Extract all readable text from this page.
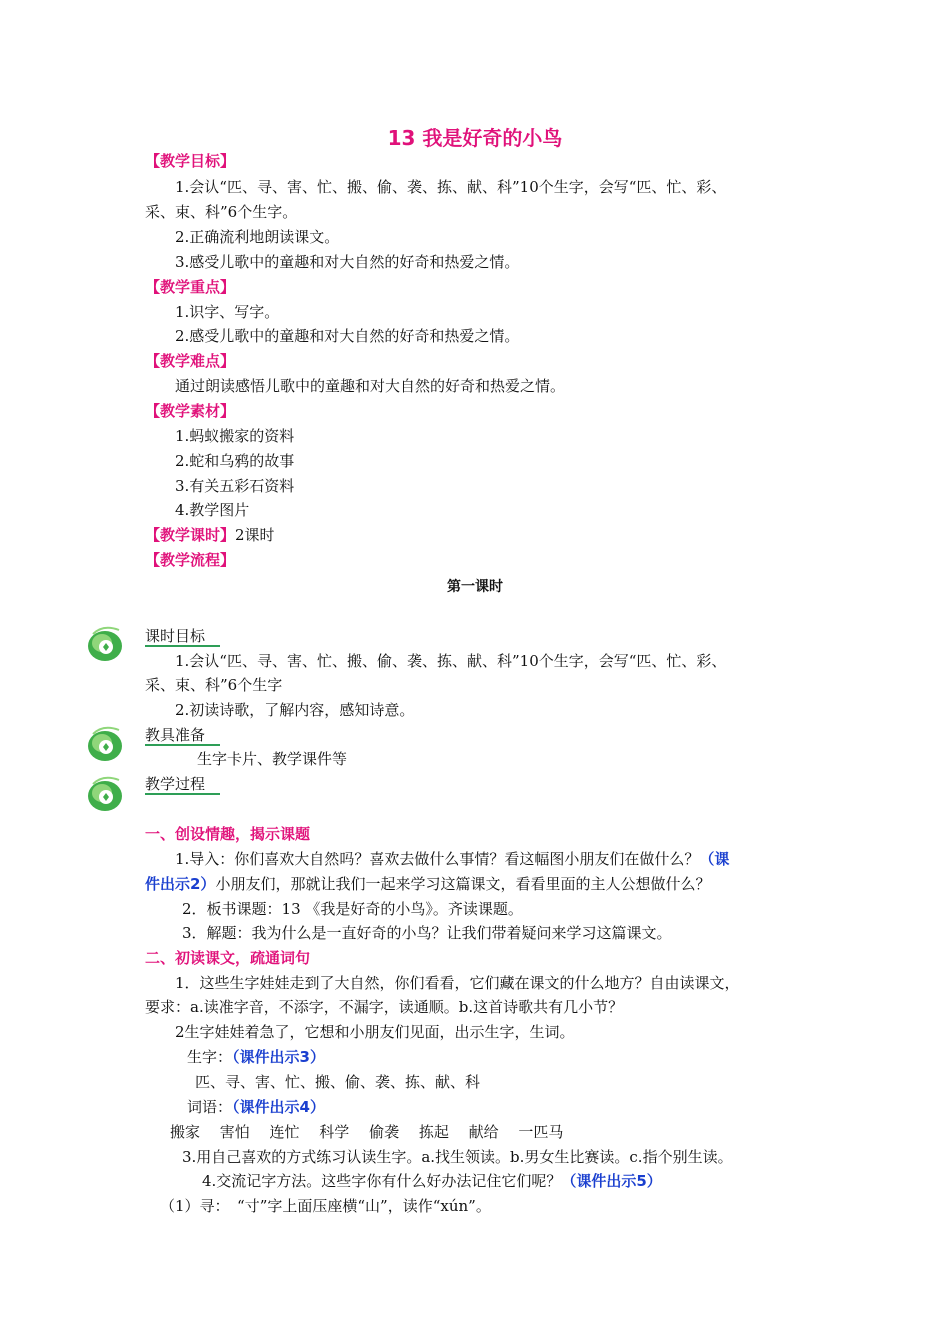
13 我是好奇的小鸟
【教学目标】
1.会认“匹、寻、害、忙、搬、偷、袭、拣、献、科”10个生字，会写“匹、忙、彩、
采、束、科”6个生字。
2.正确流利地朗读课文。
3.感受儿歌中的童趣和对大自然的好奇和热爱之情。
【教学重点】
1.识字、写字。
2.感受儿歌中的童趣和对大自然的好奇和热爱之情。
【教学难点】
通过朗读感悟儿歌中的童趣和对大自然的好奇和热爱之情。
【教学素材】
1.蚂蚁搬家的资料
2.蛇和乌鸦的故事
3.有关五彩石资料
4.教学图片
【教学课时】2课时
【教学流程】
第一课时
课时目标
1.会认“匹、寻、害、忙、搬、偷、袭、拣、献、科”10个生字，会写“匹、忙、彩、
采、束、科”6个生字
2.初读诗歌，了解内容，感知诗意。
教具准备
生字卡片、教学课件等
教学过程
一、创设情趣，揭示课题
1.导入：你们喜欢大自然吗？喜欢去做什么事情？看这幅图小朋友们在做什么？（课
件出示2）小朋友们，那就让我们一起来学习这篇课文，看看里面的主人公想做什么？
2．板书课题：13 《我是好奇的小鸟》。齐读课题。
3．解题：我为什么是一直好奇的小鸟？让我们带着疑问来学习这篇课文。
二、初读课文，疏通词句
1．这些生字娃娃走到了大自然，你们看看，它们藏在课文的什么地方？自由读课文，
要求：a.读准字音，不添字，不漏字，读通顺。b.这首诗歌共有几小节？
2生字娃娃着急了，它想和小朋友们见面，出示生字，生词。
生字：（课件出示3）
匹、寻、害、忙、搬、偷、袭、拣、献、科
词语：（课件出示4）
搬家　 害怕　 连忙　 科学　 偷袭　 拣起　 献给　 一匹马
3.用自己喜欢的方式练习认读生字。a.找生领读。b.男女生比赛读。c.指个别生读。
4.交流记字方法。这些字你有什么好办法记住它们呢？（课件出示5）
（1）寻：　“寸”字上面压座横“山”，读作“xún”。
